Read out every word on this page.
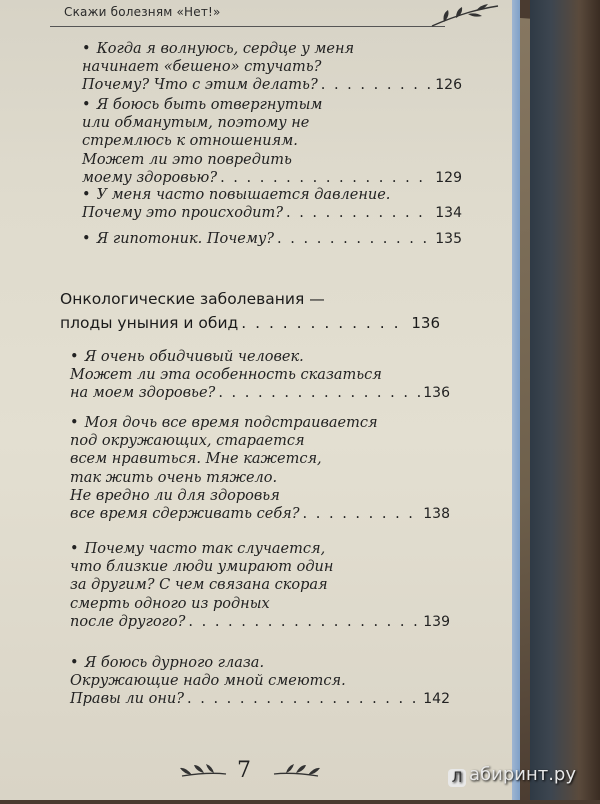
Скажи болезням «Нет!»
• Когда я волнуюсь, сердце у меня
начинает «бешено» стучать?
Почему? Что с этим делать? . . .	126
• Я боюсь быть отвергнутым
или обманутым, поэтому не
стремлюсь к отношениям.
Может ли это повредить
моему здоровью? . . .	129
• У меня часто повышается давление.
Почему это происходит? . . .	134
• Я гипотоник. Почему? . . .	135
Онкологические заболевания —
плоды уныния и обид . . .	136
• Я очень обидчивый человек.
Может ли эта особенность сказаться
на моем здоровье? . . .	136
• Моя дочь все время подстраивается
под окружающих, старается
всем нравиться. Мне кажется,
так жить очень тяжело.
Не вредно ли для здоровья
все время сдерживать себя? . . .	138
• Почему часто так случается,
что близкие люди умирают один
за другим? С чем связана скорая
смерть одного из родных
после другого? . . .	139
• Я боюсь дурного глаза.
Окружающие надо мной смеются.
Правы ли они? . . .	142
7	Л абиринт.ру
